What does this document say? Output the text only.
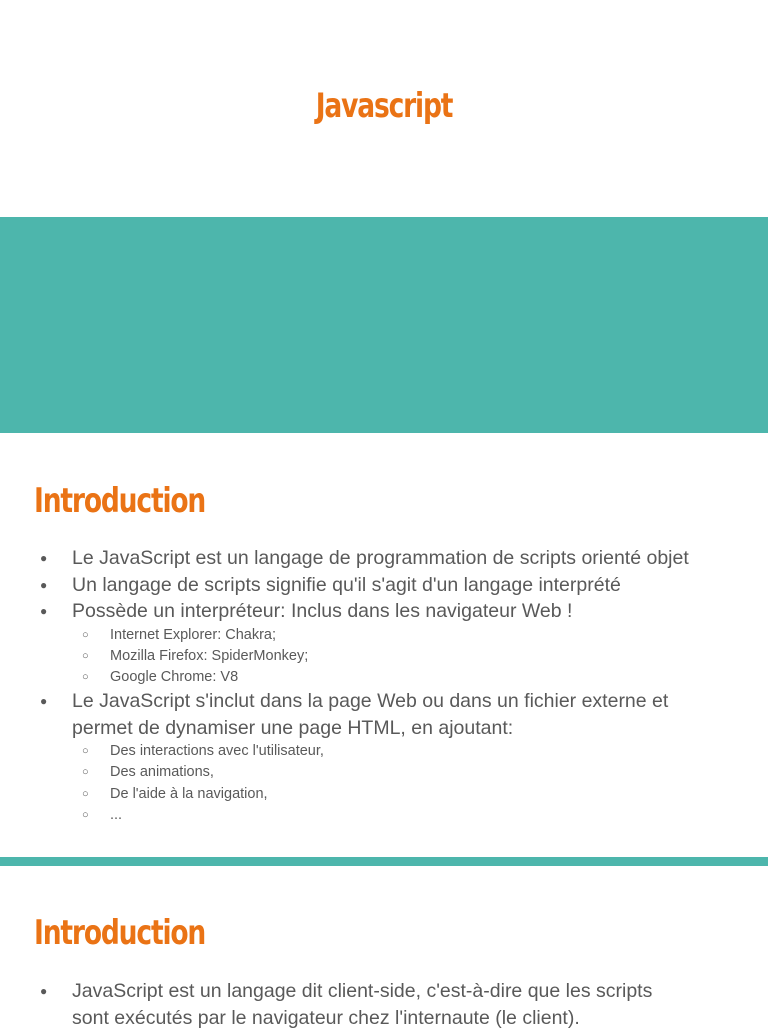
Javascript
Introduction
● Le JavaScript est un langage de programmation de scripts orienté objet
● Un langage de scripts signifie qu'il s'agit d'un langage interprété
● Possède un interpréteur: Inclus dans les navigateur Web !
○ Internet Explorer: Chakra;
○ Mozilla Firefox: SpiderMonkey;
○ Google Chrome: V8
● Le JavaScript s'inclut dans la page Web ou dans un fichier externe et permet de dynamiser une page HTML, en ajoutant:
○ Des interactions avec l'utilisateur,
○ Des animations,
○ De l'aide à la navigation,
○ ...
Introduction
● JavaScript est un langage dit client-side, c'est-à-dire que les scripts sont exécutés par le navigateur chez l'internaute (le client).
